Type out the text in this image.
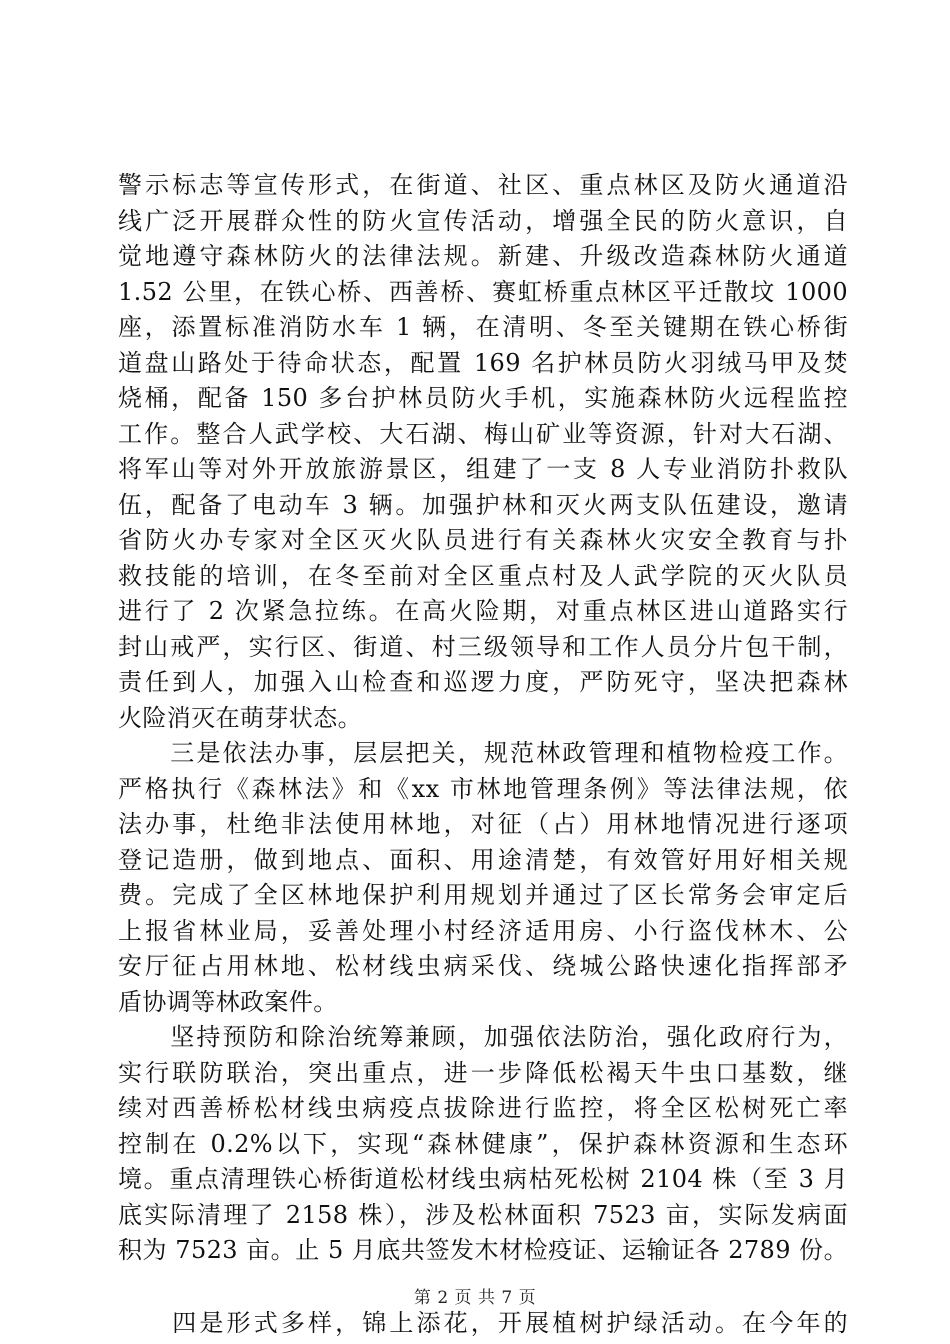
警示标志等宣传形式，在街道、社区、重点林区及防火通道沿
线广泛开展群众性的防火宣传活动，增强全民的防火意识，自
觉地遵守森林防火的法律法规。新建、升级改造森林防火通道
1.52 公里，在铁心桥、西善桥、赛虹桥重点林区平迁散坟 1000
座，添置标准消防水车 1 辆，在清明、冬至关键期在铁心桥街
道盘山路处于待命状态，配置 169 名护林员防火羽绒马甲及焚
烧桶，配备 150 多台护林员防火手机，实施森林防火远程监控
工作。整合人武学校、大石湖、梅山矿业等资源，针对大石湖、
将军山等对外开放旅游景区，组建了一支 8 人专业消防扑救队
伍，配备了电动车 3 辆。加强护林和灭火两支队伍建设，邀请
省防火办专家对全区灭火队员进行有关森林火灾安全教育与扑
救技能的培训，在冬至前对全区重点村及人武学院的灭火队员
进行了 2 次紧急拉练。在高火险期，对重点林区进山道路实行
封山戒严，实行区、街道、村三级领导和工作人员分片包干制，
责任到人，加强入山检查和巡逻力度，严防死守，坚决把森林
火险消灭在萌芽状态。
　　三是依法办事，层层把关，规范林政管理和植物检疫工作。
严格执行《森林法》和《xx 市林地管理条例》等法律法规，依
法办事，杜绝非法使用林地，对征（占）用林地情况进行逐项
登记造册，做到地点、面积、用途清楚，有效管好用好相关规
费。完成了全区林地保护利用规划并通过了区长常务会审定后
上报省林业局，妥善处理小村经济适用房、小行盗伐林木、公
安厅征占用林地、松材线虫病采伐、绕城公路快速化指挥部矛
盾协调等林政案件。
　　坚持预防和除治统筹兼顾，加强依法防治，强化政府行为，
实行联防联治，突出重点，进一步降低松褐天牛虫口基数，继
续对西善桥松材线虫病疫点拔除进行监控，将全区松树死亡率
控制在 0.2%以下，实现“森林健康”，保护森林资源和生态环
境。重点清理铁心桥街道松材线虫病枯死松树 2104 株（至 3 月
底实际清理了 2158 株），涉及松林面积 7523 亩，实际发病面
积为 7523 亩。止 5 月底共签发木材检疫证、运输证各 2789 份。
　　四是形式多样，锦上添花，开展植树护绿活动。在今年的
第 2 页 共 7 页
